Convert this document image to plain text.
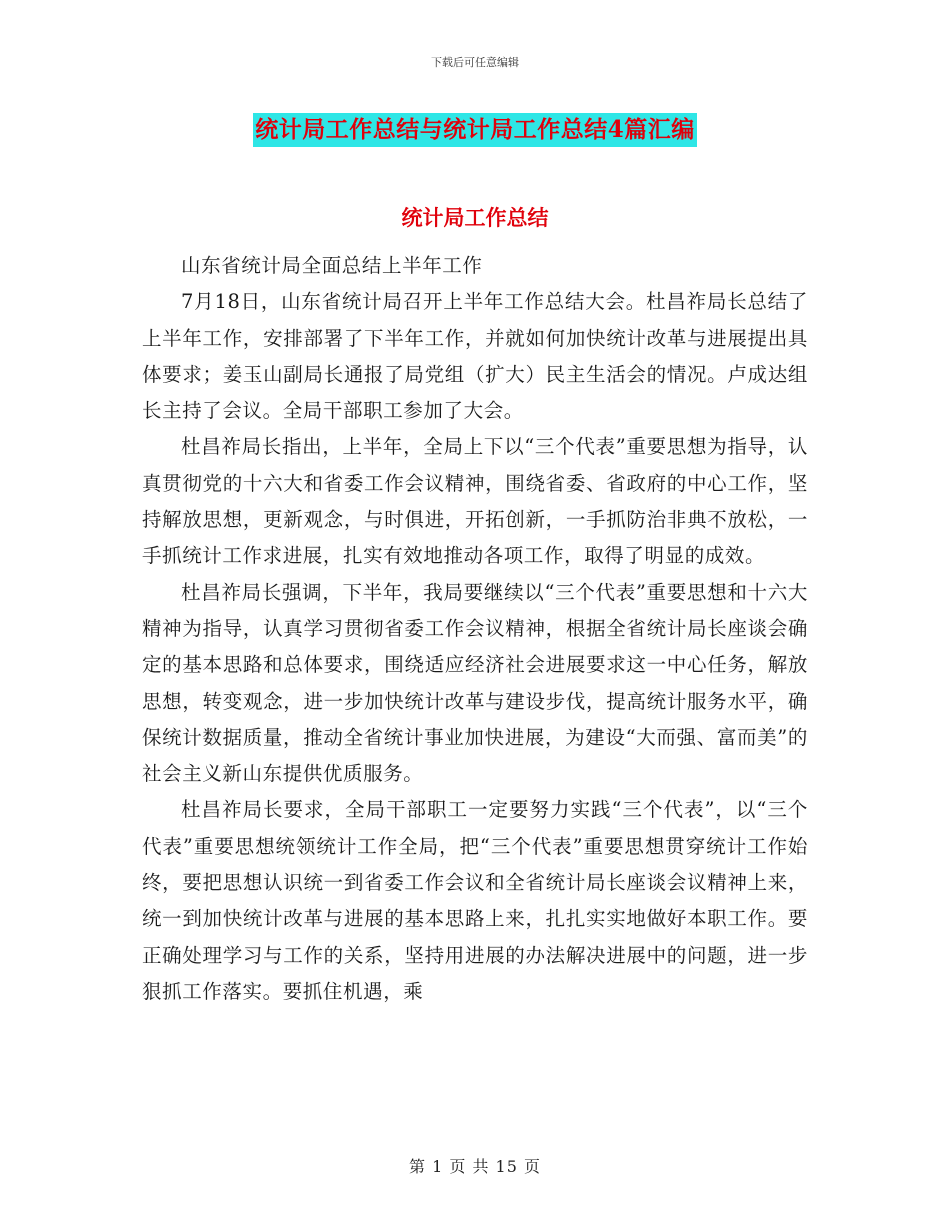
下载后可任意编辑
统计局工作总结与统计局工作总结4篇汇编
统计局工作总结

山东省统计局全面总结上半年工作

7月18日，山东省统计局召开上半年工作总结大会。杜昌祚局长总结了上半年工作，安排部署了下半年工作，并就如何加快统计改革与进展提出具体要求；姜玉山副局长通报了局党组（扩大）民主生活会的情况。卢成达组长主持了会议。全局干部职工参加了大会。

杜昌祚局长指出，上半年，全局上下以“三个代表”重要思想为指导，认真贯彻党的十六大和省委工作会议精神，围绕省委、省政府的中心工作，坚持解放思想，更新观念，与时俱进，开拓创新，一手抓防治非典不放松，一手抓统计工作求进展，扎实有效地推动各项工作，取得了明显的成效。

杜昌祚局长强调，下半年，我局要继续以“三个代表”重要思想和十六大精神为指导，认真学习贯彻省委工作会议精神，根据全省统计局长座谈会确定的基本思路和总体要求，围绕适应经济社会进展要求这一中心任务，解放思想，转变观念，进一步加快统计改革与建设步伐，提高统计服务水平，确保统计数据质量，推动全省统计事业加快进展，为建设“大而强、富而美”的社会主义新山东提供优质服务。

杜昌祚局长要求，全局干部职工一定要努力实践“三个代表”，以“三个代表”重要思想统领统计工作全局，把“三个代表”重要思想贯穿统计工作始终，要把思想认识统一到省委工作会议和全省统计局长座谈会议精神上来，统一到加快统计改革与进展的基本思路上来，扎扎实实地做好本职工作。要正确处理学习与工作的关系，坚持用进展的办法解决进展中的问题，进一步狠抓工作落实。要抓住机遇，乘

第 1 页 共 15 页
